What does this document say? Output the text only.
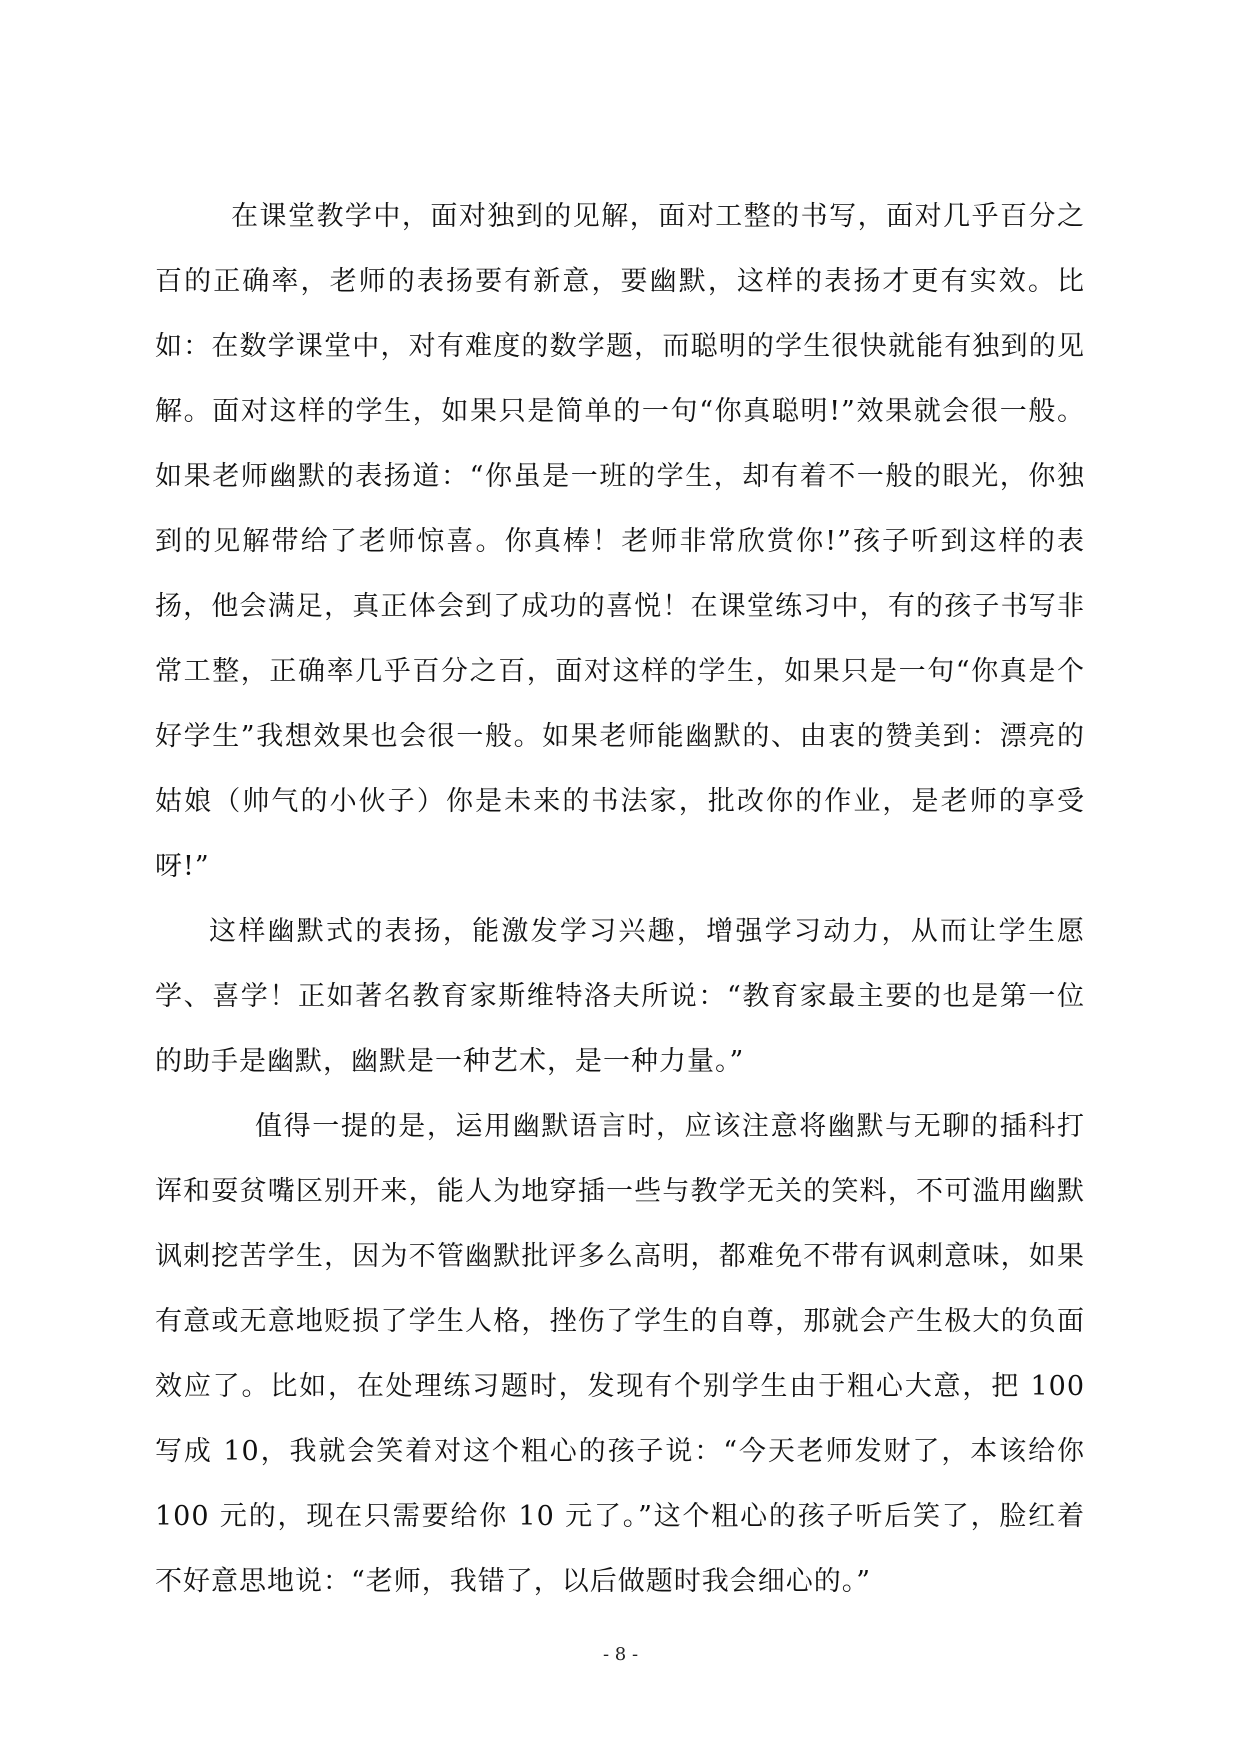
在课堂教学中，面对独到的见解，面对工整的书写，面对几乎百分之百的正确率，老师的表扬要有新意，要幽默，这样的表扬才更有实效。比如：在数学课堂中，对有难度的数学题，而聪明的学生很快就能有独到的见解。面对这样的学生，如果只是简单的一句“你真聪明!”效果就会很一般。如果老师幽默的表扬道：“你虽是一班的学生，却有着不一般的眼光，你独到的见解带给了老师惊喜。你真棒！老师非常欣赏你!”孩子听到这样的表扬，他会满足，真正体会到了成功的喜悦！在课堂练习中，有的孩子书写非常工整，正确率几乎百分之百，面对这样的学生，如果只是一句“你真是个好学生”我想效果也会很一般。如果老师能幽默的、由衷的赞美到：漂亮的姑娘（帅气的小伙子）你是未来的书法家，批改你的作业，是老师的享受呀!”

这样幽默式的表扬，能激发学习兴趣，增强学习动力，从而让学生愿学、喜学！正如著名教育家斯维特洛夫所说：“教育家最主要的也是第一位的助手是幽默，幽默是一种艺术，是一种力量。”

值得一提的是，运用幽默语言时，应该注意将幽默与无聊的插科打诨和耍贫嘴区别开来，能人为地穿插一些与教学无关的笑料，不可滥用幽默讽刺挖苦学生，因为不管幽默批评多么高明，都难免不带有讽刺意味，如果有意或无意地贬损了学生人格，挫伤了学生的自尊，那就会产生极大的负面效应了。比如，在处理练习题时，发现有个别学生由于粗心大意，把 100 写成 10，我就会笑着对这个粗心的孩子说：“今天老师发财了，本该给你 100 元的，现在只需要给你 10 元了。”这个粗心的孩子听后笑了，脸红着不好意思地说：“老师，我错了，以后做题时我会细心的。”

- 8 -
